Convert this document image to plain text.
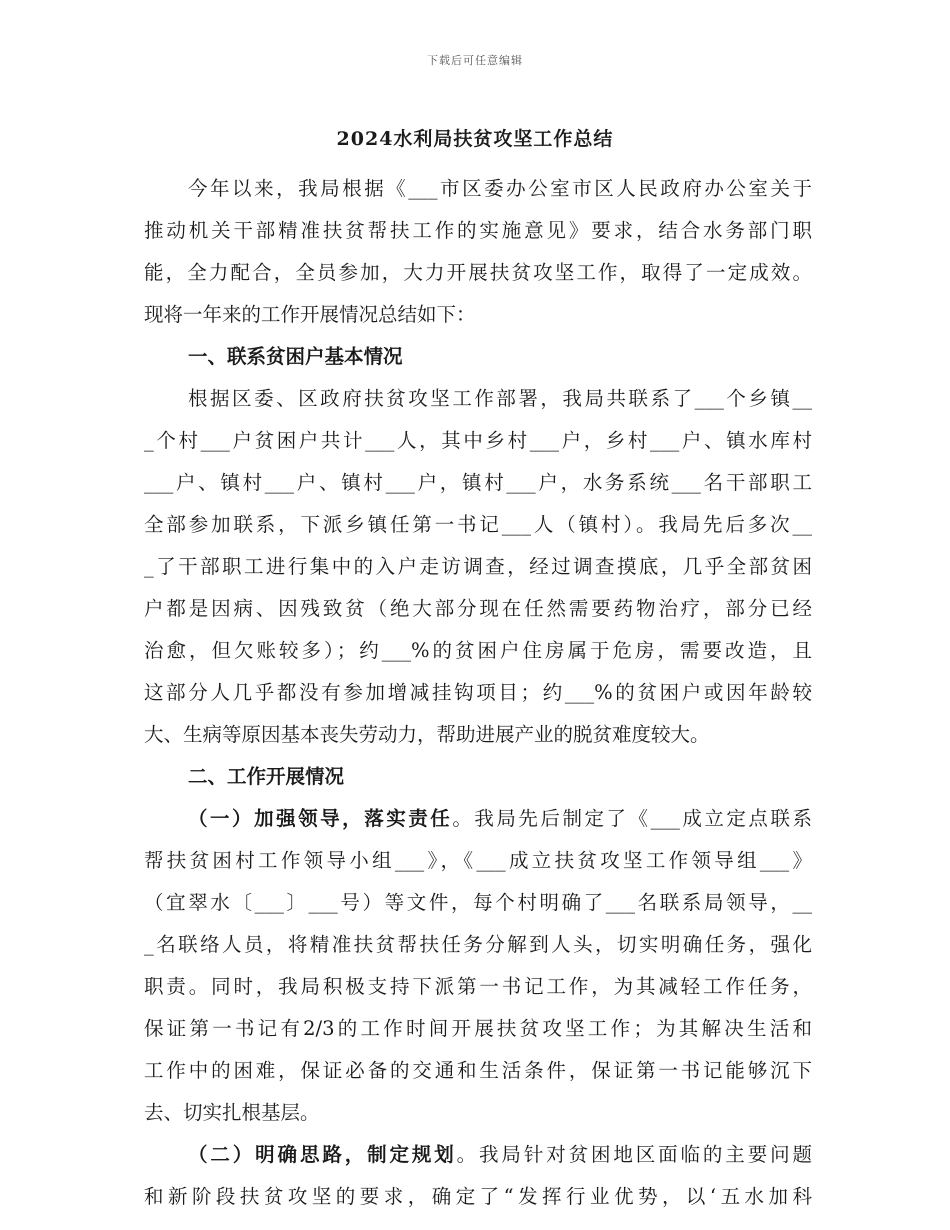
下载后可任意编辑
2024水利局扶贫攻坚工作总结
今年以来，我局根据《___市区委办公室市区人民政府办公室关于
推动机关干部精准扶贫帮扶工作的实施意见》要求，结合水务部门职
能，全力配合，全员参加，大力开展扶贫攻坚工作，取得了一定成效。
现将一年来的工作开展情况总结如下：
一、联系贫困户基本情况
根据区委、区政府扶贫攻坚工作部署，我局共联系了___个乡镇__
_个村___户贫困户共计___人，其中乡村___户，乡村___户、镇水库村
___户、镇村___户、镇村___户，镇村___户，水务系统___名干部职工
全部参加联系，下派乡镇任第一书记___人（镇村）。我局先后多次__
_了干部职工进行集中的入户走访调查，经过调查摸底，几乎全部贫困
户都是因病、因残致贫（绝大部分现在任然需要药物治疗，部分已经
治愈，但欠账较多）；约___%的贫困户住房属于危房，需要改造，且
这部分人几乎都没有参加增减挂钩项目；约___%的贫困户或因年龄较
大、生病等原因基本丧失劳动力，帮助进展产业的脱贫难度较大。
二、工作开展情况
（一）加强领导，落实责任。我局先后制定了《___成立定点联系
帮扶贫困村工作领导小组___》，《___成立扶贫攻坚工作领导组___》
（宜翠水〔___〕___号）等文件，每个村明确了___名联系局领导，__
_名联络人员，将精准扶贫帮扶任务分解到人头，切实明确任务，强化
职责。同时，我局积极支持下派第一书记工作，为其减轻工作任务，
保证第一书记有2/3的工作时间开展扶贫攻坚工作；为其解决生活和
工作中的困难，保证必备的交通和生活条件，保证第一书记能够沉下
去、切实扎根基层。
（二）明确思路，制定规划。我局针对贫困地区面临的主要问题
和新阶段扶贫攻坚的要求，确定了“发挥行业优势，以‘五水加科
